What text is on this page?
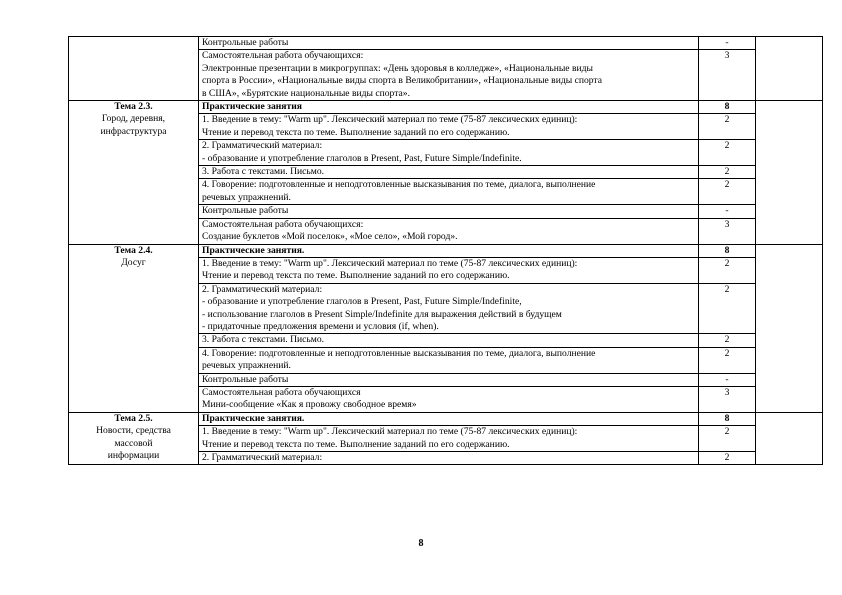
	Контрольные работы	-	

	Самостоятельная работа обучающихся:
Электронные презентации в микрогруппах: «День здоровья в колледже», «Национальные виды
спорта в России», «Национальные виды спорта в Великобритании», «Национальные виды спорта
в США», «Бурятские национальные виды спорта».	3	
Тема 2.3.
Город, деревня,
инфраструктура	Практические занятия	8	

	1. Введение в тему: "Warm up". Лексический материал по теме (75-87 лексических единиц):
Чтение и перевод текста по теме. Выполнение заданий по его содержанию.	2	

	2. Грамматический материал:
- образование и употребление глаголов в Present, Past, Future Simple/Indefinite.	2	

	3. Работа с текстами. Письмо.	2	

	4. Говорение: подготовленные и неподготовленные высказывания по теме, диалога, выполнение
речевых упражнений.	2	

	Контрольные работы	-	

	Самостоятельная работа обучающихся:
Создание буклетов «Мой поселок», «Мое село», «Мой город».	3	
Тема 2.4.
Досуг	Практические занятия.	8	

	1. Введение в тему: "Warm up". Лексический материал по теме (75-87 лексических единиц):
Чтение и перевод текста по теме. Выполнение заданий по его содержанию.	2	

	2. Грамматический материал:
- образование и употребление глаголов в Present, Past, Future Simple/Indefinite,
- использование глаголов в Present Simple/Indefinite для выражения действий в будущем
- придаточные предложения времени и условия (if, when).	2	

	3. Работа с текстами. Письмо.	2	

	4. Говорение: подготовленные и неподготовленные высказывания по теме, диалога, выполнение
речевых упражнений.	2	

	Контрольные работы	-	

	Самостоятельная работа обучающихся
Мини-сообщение «Как я провожу свободное время»	3	
Тема 2.5.
Новости, средства
массовой
информации	Практические занятия.	8	

	1. Введение в тему: "Warm up". Лексический материал по теме (75-87 лексических единиц):
Чтение и перевод текста по теме. Выполнение заданий по его содержанию.	2	

	2. Грамматический материал:	2	
8
